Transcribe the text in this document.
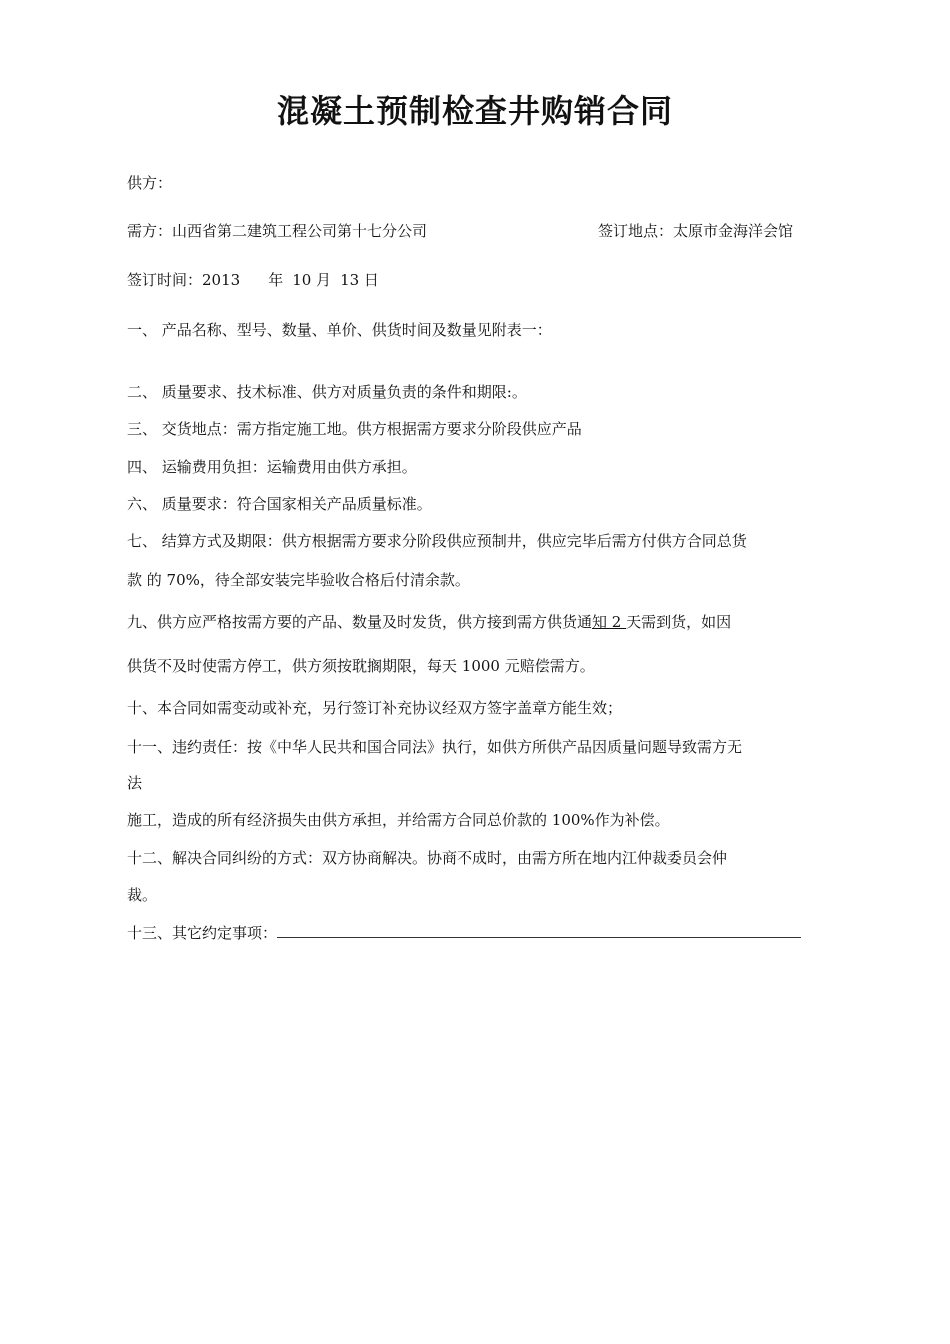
混凝土预制检查井购销合同
供方：
需方：山西省第二建筑工程公司第十七分公司	签订地点：太原市金海洋会馆
签订时间：2013 年 10 月 13 日
一、 产品名称、型号、数量、单价、供货时间及数量见附表一：
二、 质量要求、技术标准、供方对质量负责的条件和期限:。
三、 交货地点：需方指定施工地。供方根据需方要求分阶段供应产品
四、 运输费用负担：运输费用由供方承担。
六、 质量要求：符合国家相关产品质量标准。
七、 结算方式及期限：供方根据需方要求分阶段供应预制井，供应完毕后需方付供方合同总货
款 的 70%，待全部安装完毕验收合格后付清余款。
九、供方应严格按需方要的产品、数量及时发货，供方接到需方供货通知 2 天需到货，如因
供货不及时使需方停工，供方须按耽搁期限，每天 1000 元赔偿需方。
十、本合同如需变动或补充，另行签订补充协议经双方签字盖章方能生效；
十一、违约责任：按《中华人民共和国合同法》执行，如供方所供产品因质量问题导致需方无
法
施工，造成的所有经济损失由供方承担，并给需方合同总价款的 100%作为补偿。
十二、解决合同纠纷的方式：双方协商解决。协商不成时，由需方所在地内江仲裁委员会仲
裁。
十三、其它约定事项：
